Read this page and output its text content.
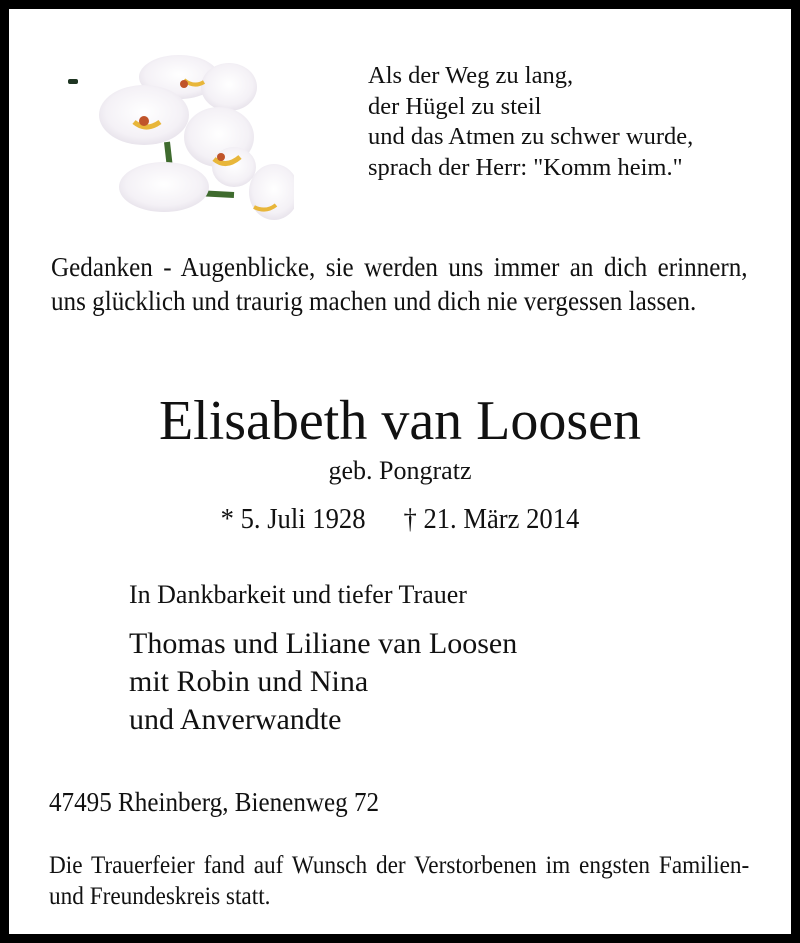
Als der Weg zu lang,
der Hügel zu steil
und das Atmen zu schwer wurde,
sprach der Herr: "Komm heim."
Gedanken - Augenblicke, sie werden uns immer an dich erinnern, uns glücklich und traurig machen und dich nie vergessen lassen.
Elisabeth van Loosen
geb. Pongratz
* 5. Juli 1928 † 21. März 2014
In Dankbarkeit und tiefer Trauer
Thomas und Liliane van Loosen
mit Robin und Nina
und Anverwandte
47495 Rheinberg, Bienenweg 72
Die Trauerfeier fand auf Wunsch der Verstorbenen im engsten Familien- und Freundeskreis statt.
